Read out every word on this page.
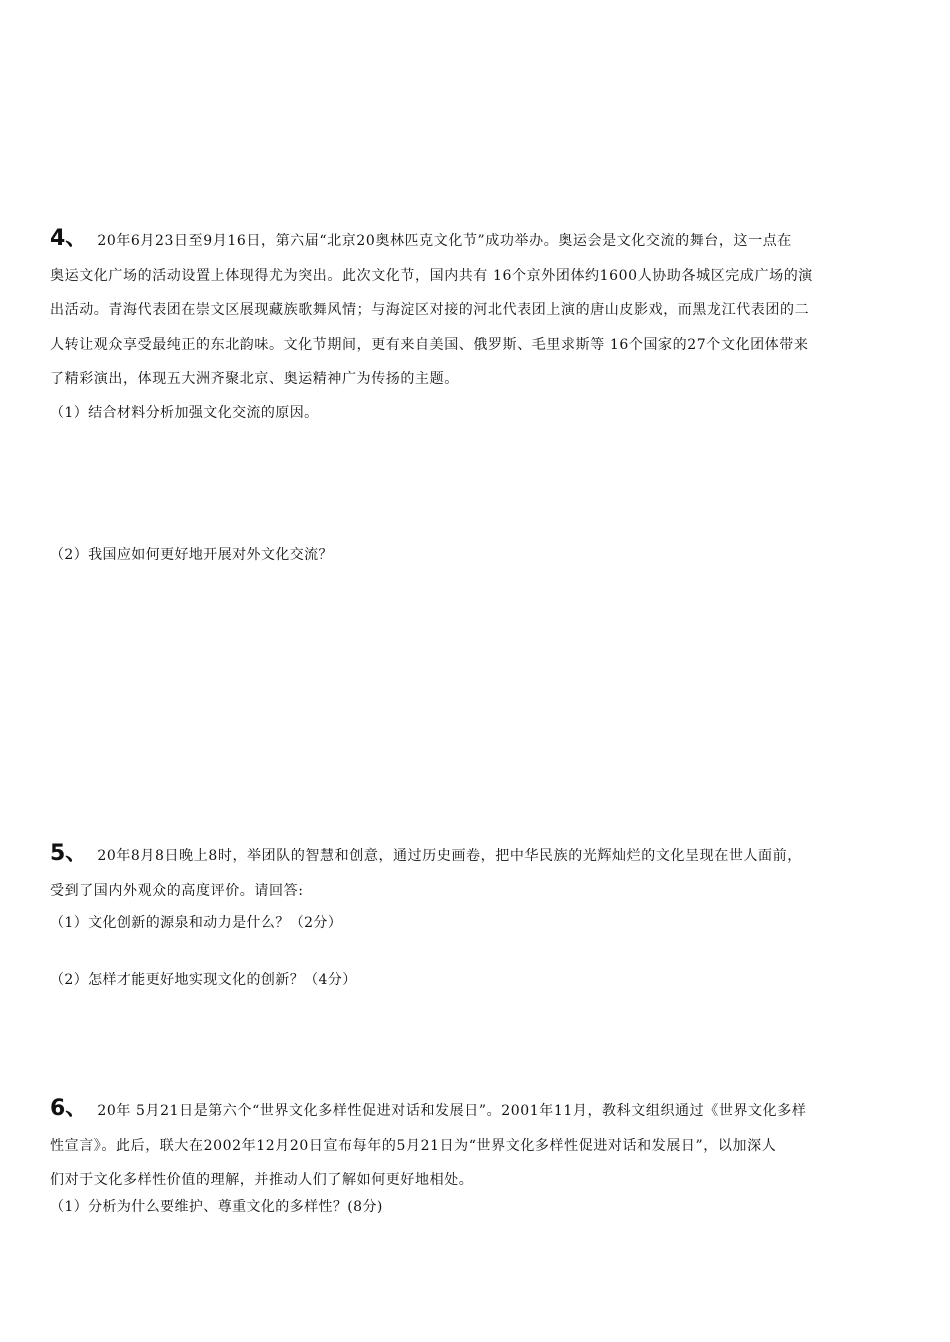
4、 20年6月23日至9月16日，第六届“北京20奥林匹克文化节”成功举办。奥运会是文化交流的舞台，这一点在
奥运文化广场的活动设置上体现得尤为突出。此次文化节，国内共有 16个京外团体约1600人协助各城区完成广场的演
出活动。青海代表团在崇文区展现藏族歌舞风情；与海淀区对接的河北代表团上演的唐山皮影戏，而黑龙江代表团的二
人转让观众享受最纯正的东北韵味。文化节期间，更有来自美国、俄罗斯、毛里求斯等 16个国家的27个文化团体带来
了精彩演出，体现五大洲齐聚北京、奥运精神广为传扬的主题。

（1）结合材料分析加强文化交流的原因。

（2）我国应如何更好地开展对外文化交流？

5、 20年8月8日晚上8时，举团队的智慧和创意，通过历史画卷，把中华民族的光辉灿烂的文化呈现在世人面前，
受到了国内外观众的高度评价。请回答:

（1）文化创新的源泉和动力是什么？（2分）

（2）怎样才能更好地实现文化的创新？（4分）

6、 20年 5月21日是第六个“世界文化多样性促进对话和发展日”。2001年11月，教科文组织通过《世界文化多样
性宣言》。此后，联大在2002年12月20日宣布每年的5月21日为“世界文化多样性促进对话和发展日”，以加深人
们对于文化多样性价值的理解，并推动人们了解如何更好地相处。

（1）分析为什么要维护、尊重文化的多样性？(8分)
